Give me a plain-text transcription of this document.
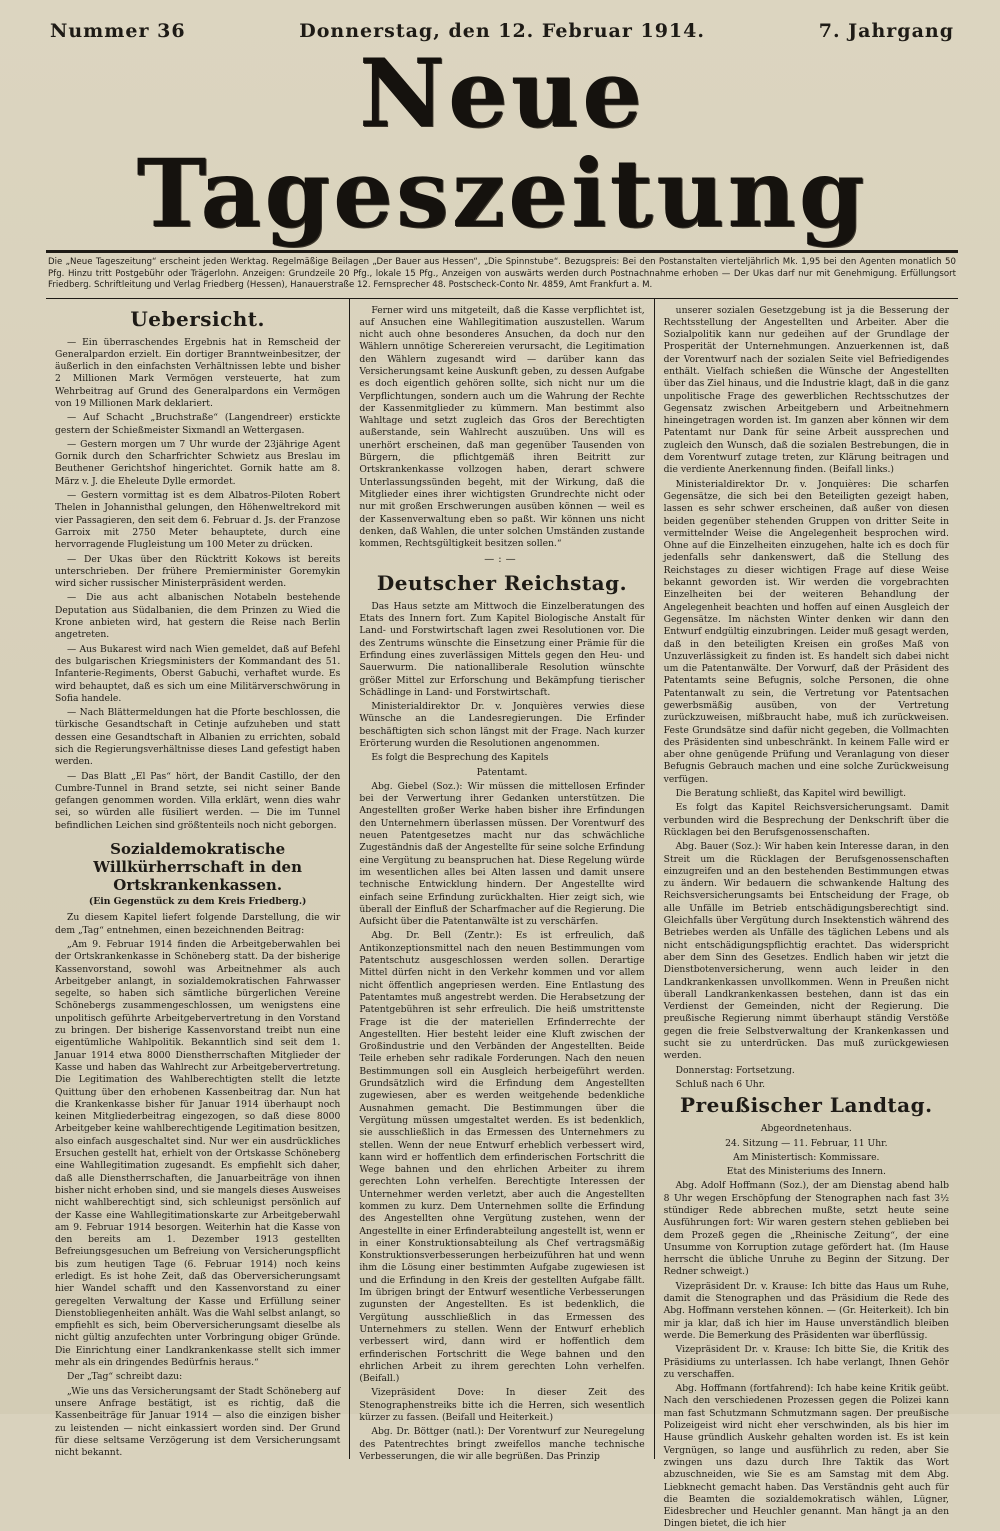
Nummer 36	Donnerstag, den 12. Februar 1914.	7. Jahrgang
Neue Tageszeitung
Die „Neue Tageszeitung“ erscheint jeden Werktag. Regelmäßige Beilagen „Der Bauer aus Hessen“, „Die Spinnstube“. Bezugspreis: Bei den Postanstalten vierteljährlich Mk. 1,95 bei den Agenten monatlich 50 Pfg. Hinzu tritt Postgebühr oder Trägerlohn. Anzeigen: Grundzeile 20 Pfg., lokale 15 Pfg., Anzeigen von auswärts werden durch Postnachnahme erhoben — Der Ukas darf nur mit Genehmigung. Erfüllungsort Friedberg. Schriftleitung und Verlag Friedberg (Hessen), Hanauerstraße 12. Fernsprecher 48. Postscheck-Conto Nr. 4859, Amt Frankfurt a. M.
Uebersicht.

— Ein überraschendes Ergebnis hat in Remscheid der Generalpardon erzielt. Ein dortiger Branntweinbesitzer, der äußerlich in den einfachsten Verhältnissen lebte und bisher 2 Millionen Mark Vermögen versteuerte, hat zum Wehrbeitrag auf Grund des Generalpardons ein Vermögen von 19 Millionen Mark deklariert.

— Auf Schacht „Bruchstraße“ (Langendreer) erstickte gestern der Schießmeister Sixmandl an Wettergasen.

— Gestern morgen um 7 Uhr wurde der 23jährige Agent Gornik durch den Scharfrichter Schwietz aus Breslau im Beuthener Gerichtshof hingerichtet. Gornik hatte am 8. März v. J. die Eheleute Dylle ermordet.

— Gestern vormittag ist es dem Albatros-Piloten Robert Thelen in Johannisthal gelungen, den Höhenweltrekord mit vier Passagieren, den seit dem 6. Februar d. Js. der Franzose Garroix mit 2750 Meter behauptete, durch eine hervorragende Flugleistung um 100 Meter zu drücken.

— Der Ukas über den Rücktritt Kokows ist bereits unterschrieben. Der frühere Premierminister Goremykin wird sicher russischer Ministerpräsident werden.

— Die aus acht albanischen Notabeln bestehende Deputation aus Südalbanien, die dem Prinzen zu Wied die Krone anbieten wird, hat gestern die Reise nach Berlin angetreten.

— Aus Bukarest wird nach Wien gemeldet, daß auf Befehl des bulgarischen Kriegsministers der Kommandant des 51. Infanterie-Regiments, Oberst Gabuchi, verhaftet wurde. Es wird behauptet, daß es sich um eine Militärverschwörung in Sofia handele.

— Nach Blättermeldungen hat die Pforte beschlossen, die türkische Gesandtschaft in Cetinje aufzuheben und statt dessen eine Gesandtschaft in Albanien zu errichten, sobald sich die Regierungsverhältnisse dieses Land gefestigt haben werden.

— Das Blatt „El Pas“ hört, der Bandit Castillo, der den Cumbre-Tunnel in Brand setzte, sei nicht seiner Bande gefangen genommen worden. Villa erklärt, wenn dies wahr sei, so würden alle füsiliert werden. — Die im Tunnel befindlichen Leichen sind größtenteils noch nicht geborgen.

Sozialdemokratische Willkürherrschaft in den Ortskrankenkassen.
(Ein Gegenstück zu dem Kreis Friedberg.)

Zu diesem Kapitel liefert folgende Darstellung, die wir dem „Tag“ entnehmen, einen bezeichnenden Beitrag:

„Am 9. Februar 1914 finden die Arbeitgeberwahlen bei der Ortskrankenkasse in Schöneberg statt. Da der bisherige Kassenvorstand, sowohl was Arbeitnehmer als auch Arbeitgeber anlangt, in sozialdemokratischen Fahrwasser segelte, so haben sich sämtliche bürgerlichen Vereine Schönebergs zusammengeschlossen, um wenigstens eine unpolitisch geführte Arbeitgebervertretung in den Vorstand zu bringen. Der bisherige Kassenvorstand treibt nun eine eigentümliche Wahlpolitik. Bekanntlich sind seit dem 1. Januar 1914 etwa 8000 Dienstherrschaften Mitglieder der Kasse und haben das Wahlrecht zur Arbeitgebervertretung. Die Legitimation des Wahlberechtigten stellt die letzte Quittung über den erhobenen Kassenbeitrag dar. Nun hat die Krankenkasse bisher für Januar 1914 überhaupt noch keinen Mitgliederbeitrag eingezogen, so daß diese 8000 Arbeitgeber keine wahlberechtigende Legitimation besitzen, also einfach ausgeschaltet sind. Nur wer ein ausdrückliches Ersuchen gestellt hat, erhielt von der Ortskasse Schöneberg eine Wahllegitimation zugesandt. Es empfiehlt sich daher, daß alle Dienstherrschaften, die Januarbeiträge von ihnen bisher nicht erhoben sind, und sie mangels dieses Ausweises nicht wahlberechtigt sind, sich schleunigst persönlich auf der Kasse eine Wahllegitimationskarte zur Arbeitgeberwahl am 9. Februar 1914 besorgen. Weiterhin hat die Kasse von den bereits am 1. Dezember 1913 gestellten Befreiungsgesuchen um Befreiung von Versicherungspflicht bis zum heutigen Tage (6. Februar 1914) noch keins erledigt. Es ist hohe Zeit, daß das Oberversicherungsamt hier Wandel schafft und den Kassenvorstand zu einer geregelten Verwaltung der Kasse und Erfüllung seiner Dienstobliegenheiten anhält. Was die Wahl selbst anlangt, so empfiehlt es sich, beim Oberversicherungsamt dieselbe als nicht gültig anzufechten unter Vorbringung obiger Gründe. Die Einrichtung einer Landkrankenkasse stellt sich immer mehr als ein dringendes Bedürfnis heraus.“

Der „Tag“ schreibt dazu:

„Wie uns das Versicherungsamt der Stadt Schöneberg auf unsere Anfrage bestätigt, ist es richtig, daß die Kassenbeiträge für Januar 1914 — also die einzigen bisher zu leistenden — nicht einkassiert worden sind. Der Grund für diese seltsame Verzögerung ist dem Versicherungsamt nicht bekannt.

Ferner wird uns mitgeteilt, daß die Kasse verpflichtet ist, auf Ansuchen eine Wahllegitimation auszustellen. Warum nicht auch ohne besonderes Ansuchen, da doch nur den Wählern unnötige Scherereien verursacht, die Legitimation den Wählern zugesandt wird — darüber kann das Versicherungsamt keine Auskunft geben, zu dessen Aufgabe es doch eigentlich gehören sollte, sich nicht nur um die Verpflichtungen, sondern auch um die Wahrung der Rechte der Kassenmitglieder zu kümmern. Man bestimmt also Wahltage und setzt zugleich das Gros der Berechtigten außerstande, sein Wahlrecht auszuüben. Uns will es unerhört erscheinen, daß man gegenüber Tausenden von Bürgern, die pflichtgemäß ihren Beitritt zur Ortskrankenkasse vollzogen haben, derart schwere Unterlassungssünden begeht, mit der Wirkung, daß die Mitglieder eines ihrer wichtigsten Grundrechte nicht oder nur mit großen Erschwerungen ausüben können — weil es der Kassenverwaltung eben so paßt. Wir können uns nicht denken, daß Wahlen, die unter solchen Umständen zustande kommen, Rechtsgültigkeit besitzen sollen.“

—:—
Deutscher Reichstag.

Das Haus setzte am Mittwoch die Einzelberatungen des Etats des Innern fort. Zum Kapitel Biologische Anstalt für Land- und Forstwirtschaft lagen zwei Resolutionen vor. Die des Zentrums wünschte die Einsetzung einer Prämie für die Erfindung eines zuverlässigen Mittels gegen den Heu- und Sauerwurm. Die nationalliberale Resolution wünschte größer Mittel zur Erforschung und Bekämpfung tierischer Schädlinge in Land- und Forstwirtschaft.

Ministerialdirektor Dr. v. Jonquières verwies diese Wünsche an die Landesregierungen. Die Erfinder beschäftigten sich schon längst mit der Frage. Nach kurzer Erörterung wurden die Resolutionen angenommen.

Es folgt die Besprechung des Kapitels

Patentamt.

Abg. Giebel (Soz.): Wir müssen die mittellosen Erfinder bei der Verwertung ihrer Gedanken unterstützen. Die Angestellten großer Werke haben bisher ihre Erfindungen den Unternehmern überlassen müssen. Der Vorentwurf des neuen Patentgesetzes macht nur das schwächliche Zugeständnis daß der Angestellte für seine solche Erfindung eine Vergütung zu beanspruchen hat. Diese Regelung würde im wesentlichen alles bei Alten lassen und damit unsere technische Entwicklung hindern. Der Angestellte wird einfach seine Erfindung zurückhalten. Hier zeigt sich, wie überall der Einfluß der Scharfmacher auf die Regierung. Die Aufsicht über die Patentanwälte ist zu verschärfen.

Abg. Dr. Bell (Zentr.): Es ist erfreulich, daß Antikonzeptionsmittel nach den neuen Bestimmungen vom Patentschutz ausgeschlossen werden sollen. Derartige Mittel dürfen nicht in den Verkehr kommen und vor allem nicht öffentlich angepriesen werden. Eine Entlastung des Patentamtes muß angestrebt werden. Die Herabsetzung der Patentgebühren ist sehr erfreulich. Die heiß umstrittenste Frage ist die der materiellen Erfinderrechte der Angestellten. Hier besteht leider eine Kluft zwischen der Großindustrie und den Verbänden der Angestellten. Beide Teile erheben sehr radikale Forderungen. Nach den neuen Bestimmungen soll ein Ausgleich herbeigeführt werden. Grundsätzlich wird die Erfindung dem Angestellten zugewiesen, aber es werden weitgehende bedenkliche Ausnahmen gemacht. Die Bestimmungen über die Vergütung müssen umgestaltet werden. Es ist bedenklich, sie ausschließlich in das Ermessen des Unternehmers zu stellen. Wenn der neue Entwurf erheblich verbessert wird, kann wird er hoffentlich dem erfinderischen Fortschritt die Wege bahnen und den ehrlichen Arbeiter zu ihrem gerechten Lohn verhelfen. Berechtigte Interessen der Unternehmer werden verletzt, aber auch die Angestellten kommen zu kurz. Dem Unternehmen sollte die Erfindung des Angestellten ohne Vergütung zustehen, wenn der Angestellte in einer Erfinderabteilung angestellt ist, wenn er in einer Konstruktionsabteilung als Chef vertragsmäßig Konstruktionsverbesserungen herbeizuführen hat und wenn ihm die Lösung einer bestimmten Aufgabe zugewiesen ist und die Erfindung in den Kreis der gestellten Aufgabe fällt. Im übrigen bringt der Entwurf wesentliche Verbesserungen zugunsten der Angestellten. Es ist bedenklich, die Vergütung ausschließlich in das Ermessen des Unternehmers zu stellen. Wenn der Entwurf erheblich verbessert wird, dann wird er hoffentlich dem erfinderischen Fortschritt die Wege bahnen und den ehrlichen Arbeit zu ihrem gerechten Lohn verhelfen. (Beifall.)

Vizepräsident Dove: In dieser Zeit des Stenographenstreiks bitte ich die Herren, sich wesentlich kürzer zu fassen. (Beifall und Heiterkeit.)

Abg. Dr. Böttger (natl.): Der Vorentwurf zur Neuregelung des Patentrechtes bringt zweifellos manche technische Verbesserungen, die wir alle begrüßen. Das Prinzip

unserer sozialen Gesetzgebung ist ja die Besserung der Rechtsstellung der Angestellten und Arbeiter. Aber die Sozialpolitik kann nur gedeihen auf der Grundlage der Prosperität der Unternehmungen. Anzuerkennen ist, daß der Vorentwurf nach der sozialen Seite viel Befriedigendes enthält. Vielfach schießen die Wünsche der Angestellten über das Ziel hinaus, und die Industrie klagt, daß in die ganz unpolitische Frage des gewerblichen Rechtsschutzes der Gegensatz zwischen Arbeitgebern und Arbeitnehmern hineingetragen worden ist. Im ganzen aber können wir dem Patentamt nur Dank für seine Arbeit aussprechen und zugleich den Wunsch, daß die sozialen Bestrebungen, die in dem Vorentwurf zutage treten, zur Klärung beitragen und die verdiente Anerkennung finden. (Beifall links.)

Ministerialdirektor Dr. v. Jonquières: Die scharfen Gegensätze, die sich bei den Beteiligten gezeigt haben, lassen es sehr schwer erscheinen, daß außer von diesen beiden gegenüber stehenden Gruppen von dritter Seite in vermittelnder Weise die Angelegenheit besprochen wird. Ohne auf die Einzelheiten einzugehen, halte ich es doch für jedenfalls sehr dankenswert, daß die Stellung des Reichstages zu dieser wichtigen Frage auf diese Weise bekannt geworden ist. Wir werden die vorgebrachten Einzelheiten bei der weiteren Behandlung der Angelegenheit beachten und hoffen auf einen Ausgleich der Gegensätze. Im nächsten Winter denken wir dann den Entwurf endgültig einzubringen. Leider muß gesagt werden, daß in den beteiligten Kreisen ein großes Maß von Unzuverlässigkeit zu finden ist. Es handelt sich dabei nicht um die Patentanwälte. Der Vorwurf, daß der Präsident des Patentamts seine Befugnis, solche Personen, die ohne Patentanwalt zu sein, die Vertretung vor Patentsachen gewerbsmäßig ausüben, von der Vertretung zurückzuweisen, mißbraucht habe, muß ich zurückweisen. Feste Grundsätze sind dafür nicht gegeben, die Vollmachten des Präsidenten sind unbeschränkt. In keinem Falle wird er aber ohne genügende Prüfung und Veranlagung von dieser Befugnis Gebrauch machen und eine solche Zurückweisung verfügen.

Die Beratung schließt, das Kapitel wird bewilligt.

Es folgt das Kapitel Reichsversicherungsamt. Damit verbunden wird die Besprechung der Denkschrift über die Rücklagen bei den Berufsgenossenschaften.

Abg. Bauer (Soz.): Wir haben kein Interesse daran, in den Streit um die Rücklagen der Berufsgenossenschaften einzugreifen und an den bestehenden Bestimmungen etwas zu ändern. Wir bedauern die schwankende Haltung des Reichsversicherungsamts bei Entscheidung der Frage, ob alle Unfälle im Betrieb entschädigungsberechtigt sind. Gleichfalls über Vergütung durch Insektenstich während des Betriebes werden als Unfälle des täglichen Lebens und als nicht entschädigungspflichtig erachtet. Das widerspricht aber dem Sinn des Gesetzes. Endlich haben wir jetzt die Dienstbotenversicherung, wenn auch leider in den Landkrankenkassen unvollkommen. Wenn in Preußen nicht überall Landkrankenkassen bestehen, dann ist das ein Verdienst der Gemeinden, nicht der Regierung. Die preußische Regierung nimmt überhaupt ständig Verstöße gegen die freie Selbstverwaltung der Krankenkassen und sucht sie zu unterdrücken. Das muß zurückgewiesen werden.

Donnerstag: Fortsetzung.

Schluß nach 6 Uhr.

Preußischer Landtag.
Abgeordnetenhaus.
24. Sitzung — 11. Februar, 11 Uhr.
Am Ministertisch: Kommissare.
Etat des Ministeriums des Innern.

Abg. Adolf Hoffmann (Soz.), der am Dienstag abend halb 8 Uhr wegen Erschöpfung der Stenographen nach fast 3½ stündiger Rede abbrechen mußte, setzt heute seine Ausführungen fort: Wir waren gestern stehen geblieben bei dem Prozeß gegen die „Rheinische Zeitung“, der eine Unsumme von Korruption zutage gefördert hat. (Im Hause herrscht die übliche Unruhe zu Beginn der Sitzung. Der Redner schweigt.)

Vizepräsident Dr. v. Krause: Ich bitte das Haus um Ruhe, damit die Stenographen und das Präsidium die Rede des Abg. Hoffmann verstehen können. — (Gr. Heiterkeit). Ich bin mir ja klar, daß ich hier im Hause unverständlich bleiben werde. Die Bemerkung des Präsidenten war überflüssig.

Vizepräsident Dr. v. Krause: Ich bitte Sie, die Kritik des Präsidiums zu unterlassen. Ich habe verlangt, Ihnen Gehör zu verschaffen.

Abg. Hoffmann (fortfahrend): Ich habe keine Kritik geübt. Nach den verschiedenen Prozessen gegen die Polizei kann man fast Schutzmann Schmutzmann sagen. Der preußische Polizeigeist wird nicht eher verschwinden, als bis hier im Hause gründlich Auskehr gehalten worden ist. Es ist kein Vergnügen, so lange und ausführlich zu reden, aber Sie zwingen uns dazu durch Ihre Taktik das Wort abzuschneiden, wie Sie es am Samstag mit dem Abg. Liebknecht gemacht haben. Das Verständnis geht auch für die Beamten die sozialdemokratisch wählen, Lügner, Eidesbrecher und Heuchler genannt. Man hängt ja an den Dingen bietet, die ich hier
